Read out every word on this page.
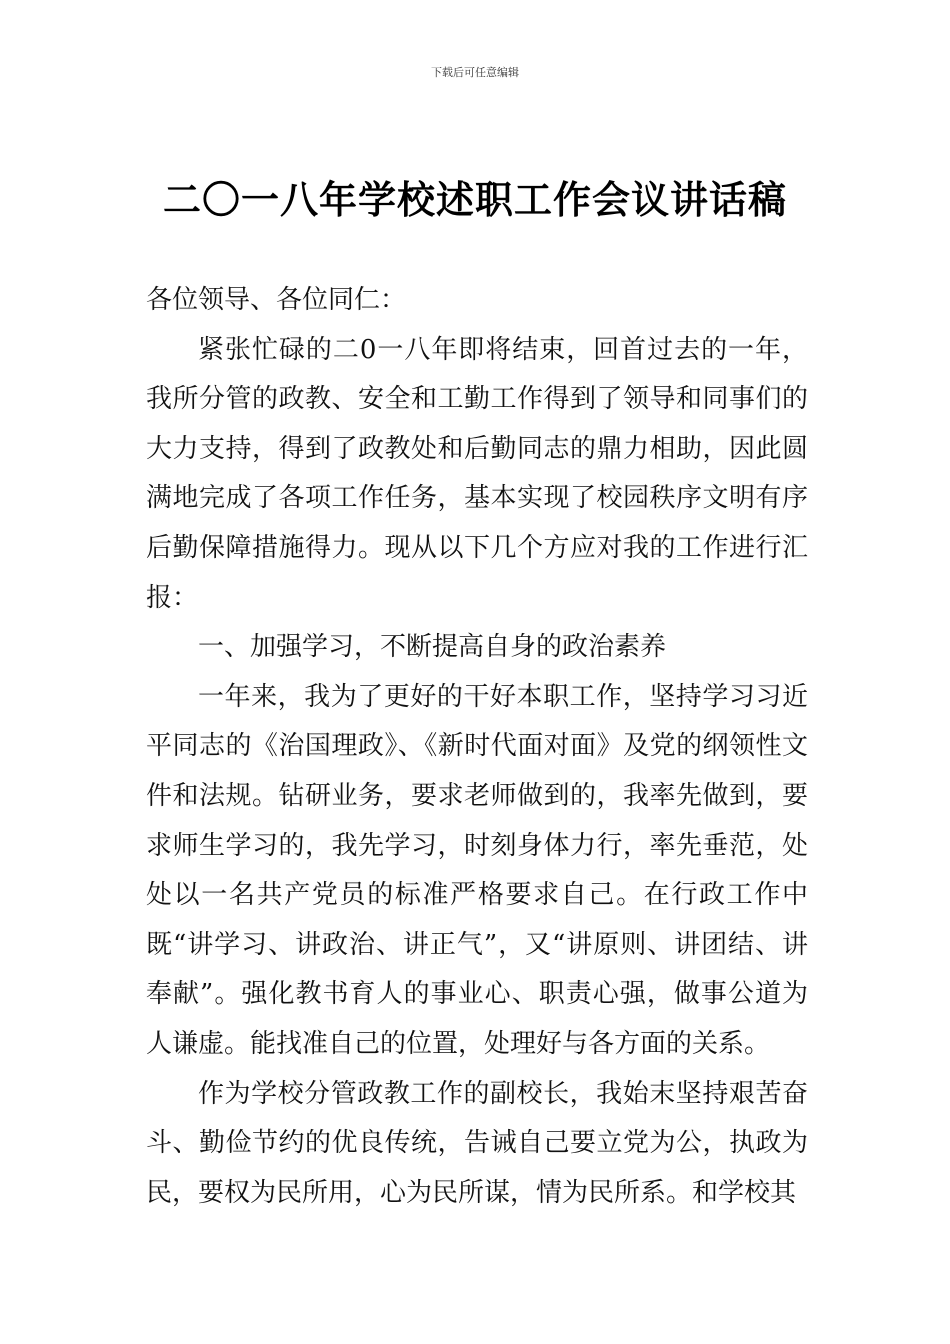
下载后可任意编辑
二〇一八年学校述职工作会议讲话稿

各位领导、各位同仁：

紧张忙碌的二0一八年即将结束，回首过去的一年，我所分管的政教、安全和工勤工作得到了领导和同事们的大力支持，得到了政教处和后勤同志的鼎力相助，因此圆满地完成了各项工作任务，基本实现了校园秩序文明有序后勤保障措施得力。现从以下几个方应对我的工作进行汇报：

一、加强学习，不断提高自身的政治素养

一年来，我为了更好的干好本职工作，坚持学习习近平同志的《治国理政》、《新时代面对面》及党的纲领性文件和法规。钻研业务，要求老师做到的，我率先做到，要求师生学习的，我先学习，时刻身体力行，率先垂范，处处以一名共产党员的标准严格要求自己。在行政工作中既“讲学习、讲政治、讲正气”，又“讲原则、讲团结、讲奉献”。强化教书育人的事业心、职责心强，做事公道为人谦虚。能找准自己的位置，处理好与各方面的关系。

作为学校分管政教工作的副校长，我始末坚持艰苦奋斗、勤俭节约的优良传统，告诫自己要立党为公，执政为民，要权为民所用，心为民所谋，情为民所系。和学校其
